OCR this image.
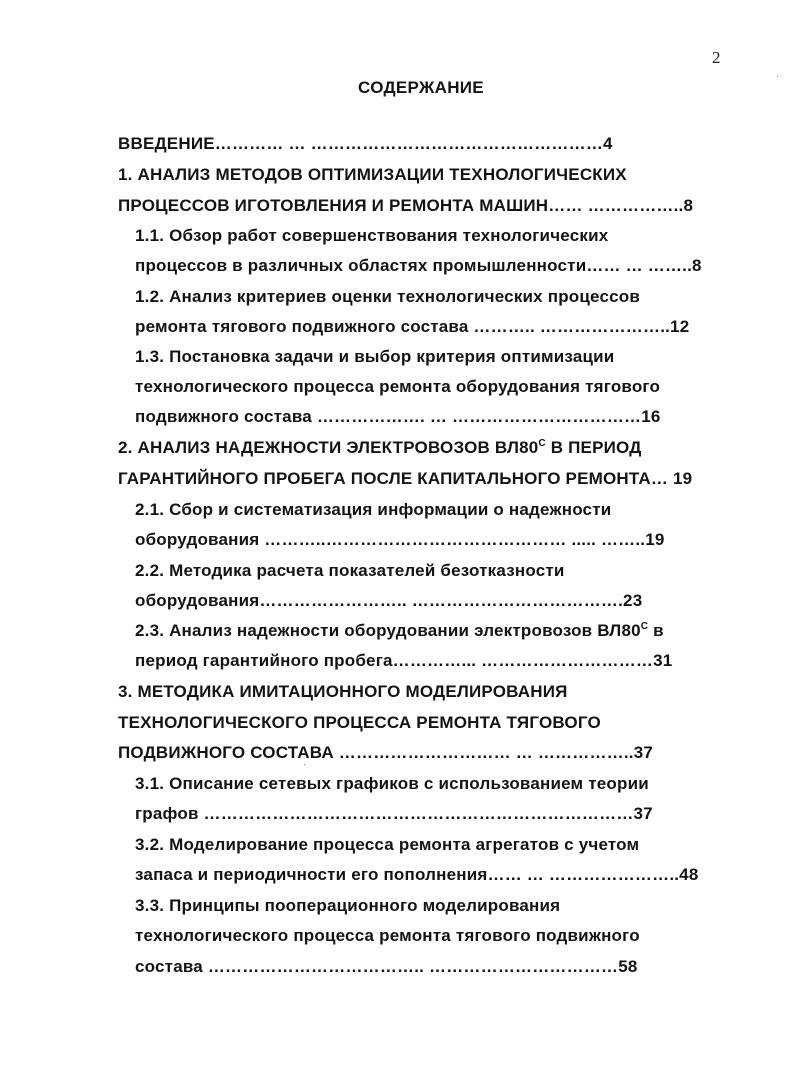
2
СОДЕРЖАНИЕ
ВВЕДЕНИЕ………… … ……………………………………………4
1. АНАЛИЗ МЕТОДОВ ОПТИМИЗАЦИИ ТЕХНОЛОГИЧЕСКИХ
ПРОЦЕССОВ ИГОТОВЛЕНИЯ И РЕМОНТА МАШИН…… ……………..8
1.1. Обзор работ совершенствования технологических
процессов в различных областях промышленности…… … ……..8
1.2. Анализ критериев оценки технологических процессов
ремонта тягового подвижного состава ……….. …………………..12
1.3. Постановка задачи и выбор критерия оптимизации
технологического процесса ремонта оборудования тягового
подвижного состава ………………. … ……………………………16
2. АНАЛИЗ НАДЕЖНОСТИ ЭЛЕКТРОВОЗОВ $ВЛ80^С$ В ПЕРИОД
ГАРАНТИЙНОГО ПРОБЕГА ПОСЛЕ КАПИТАЛЬНОГО РЕМОНТА… 19
2.1. Сбор и систематизация информации о надежности
оборудования ………..…………………………………… ..... ……..19
2.2. Методика расчета показателей безотказности
оборудования…………………….. ……………………………….23
2.3. Анализ надежности оборудовании электровозов $ВЛ80^С$ в
период гарантийного пробега…………... …………………………31
3. МЕТОДИКА ИМИТАЦИОННОГО МОДЕЛИРОВАНИЯ
ТЕХНОЛОГИЧЕСКОГО ПРОЦЕССА РЕМОНТА ТЯГОВОГО
ПОДВИЖНОГО СОСТАВА ………………………… … ……………..37
3.1. Описание сетевых графиков с использованием теории
графов …………………………………………………………………37
3.2. Моделирование процесса ремонта агрегатов с учетом
запаса и периодичности его пополнения…… … …………………..48
3.3. Принципы пооперационного моделирования
технологического процесса ремонта тягового подвижного
состава ……………………………….. ……………………………58
